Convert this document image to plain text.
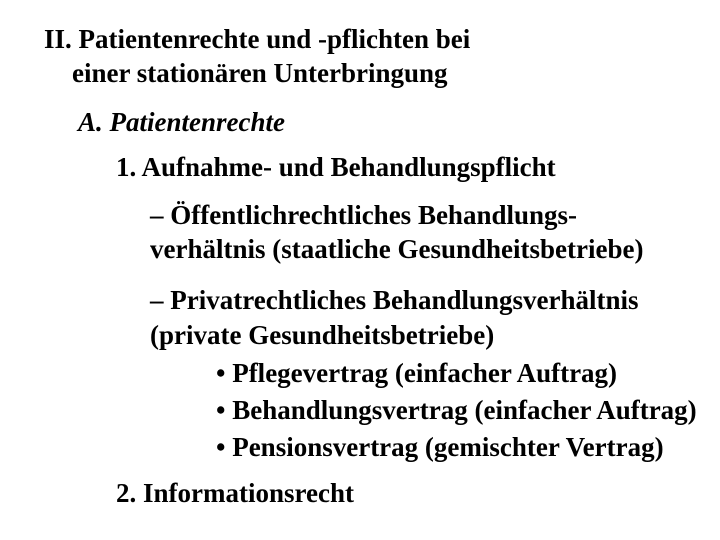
II. Patientenrechte und -pflichten bei
einer stationären Unterbringung
A. Patientenrechte
1. Aufnahme- und Behandlungspflicht
– Öffentlichrechtliches Behandlungs-
verhältnis (staatliche Gesundheitsbetriebe)
– Privatrechtliches Behandlungsverhältnis
(private Gesundheitsbetriebe)
• Pflegevertrag (einfacher Auftrag)
• Behandlungsvertrag (einfacher Auftrag)
• Pensionsvertrag (gemischter Vertrag)
2. Informationsrecht
